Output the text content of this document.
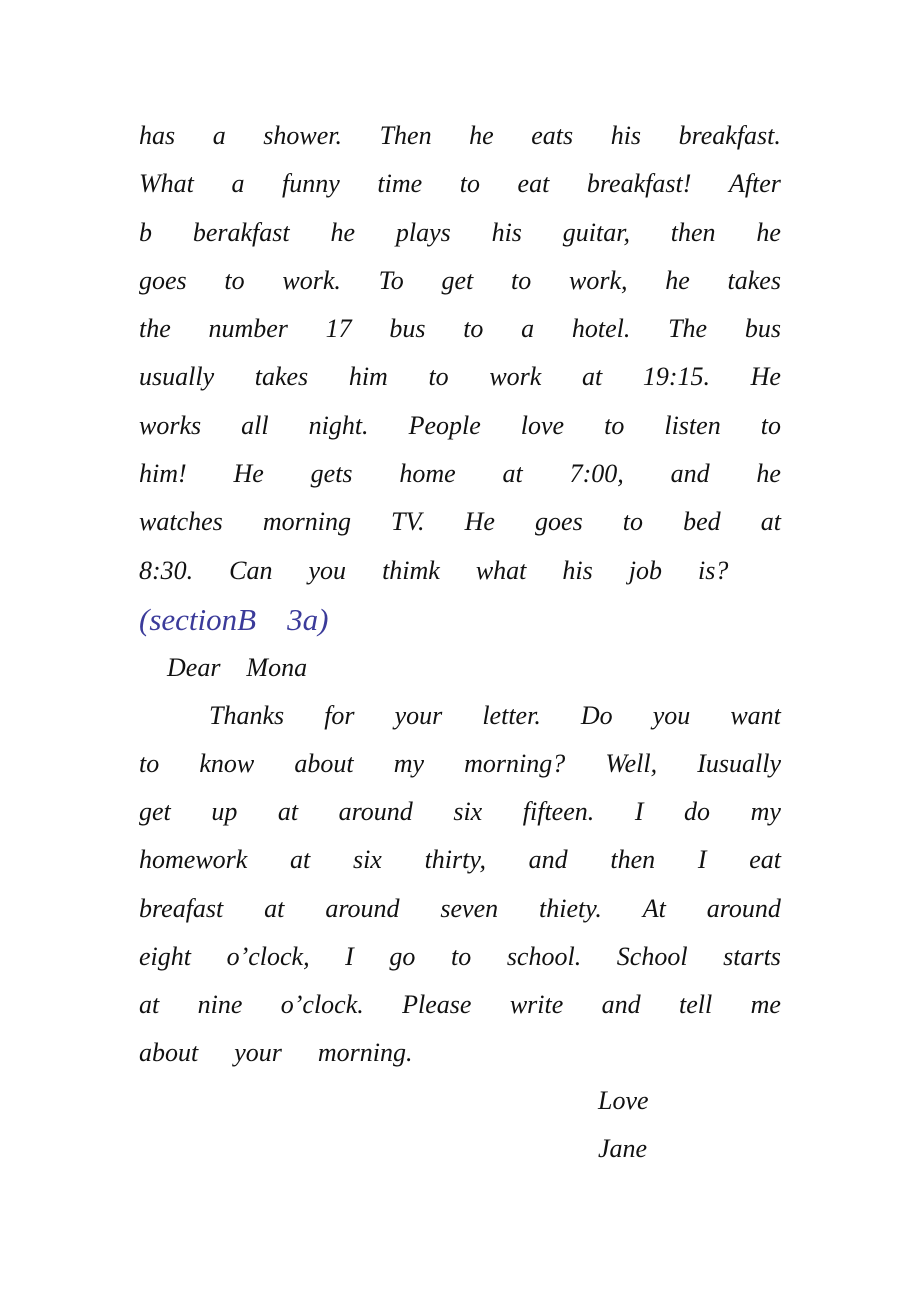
has a shower. Then he eats his breakfast.
What a funny time to eat breakfast! After
b berakfast he plays his guitar, then he
goes to work. To get to work, he takes
the number 17 bus to a hotel. The bus
usually takes him to work at 19:15. He
works all night. People love to listen to
him! He gets home at 7:00, and he
watches morning TV. He goes to bed at
8:30. Can you thimk what his job is?
(sectionB    3a)
Dear    Mona
Thanks for your letter. Do you want
to know about my morning? Well, Iusually
get up at around six fifteen. I do my
homework at six thirty, and then I eat
breafast at around seven thiety. At around
eight o’clock, I go to school. School starts
at nine o’clock. Please write and tell me
about your morning.
Love
Jane
